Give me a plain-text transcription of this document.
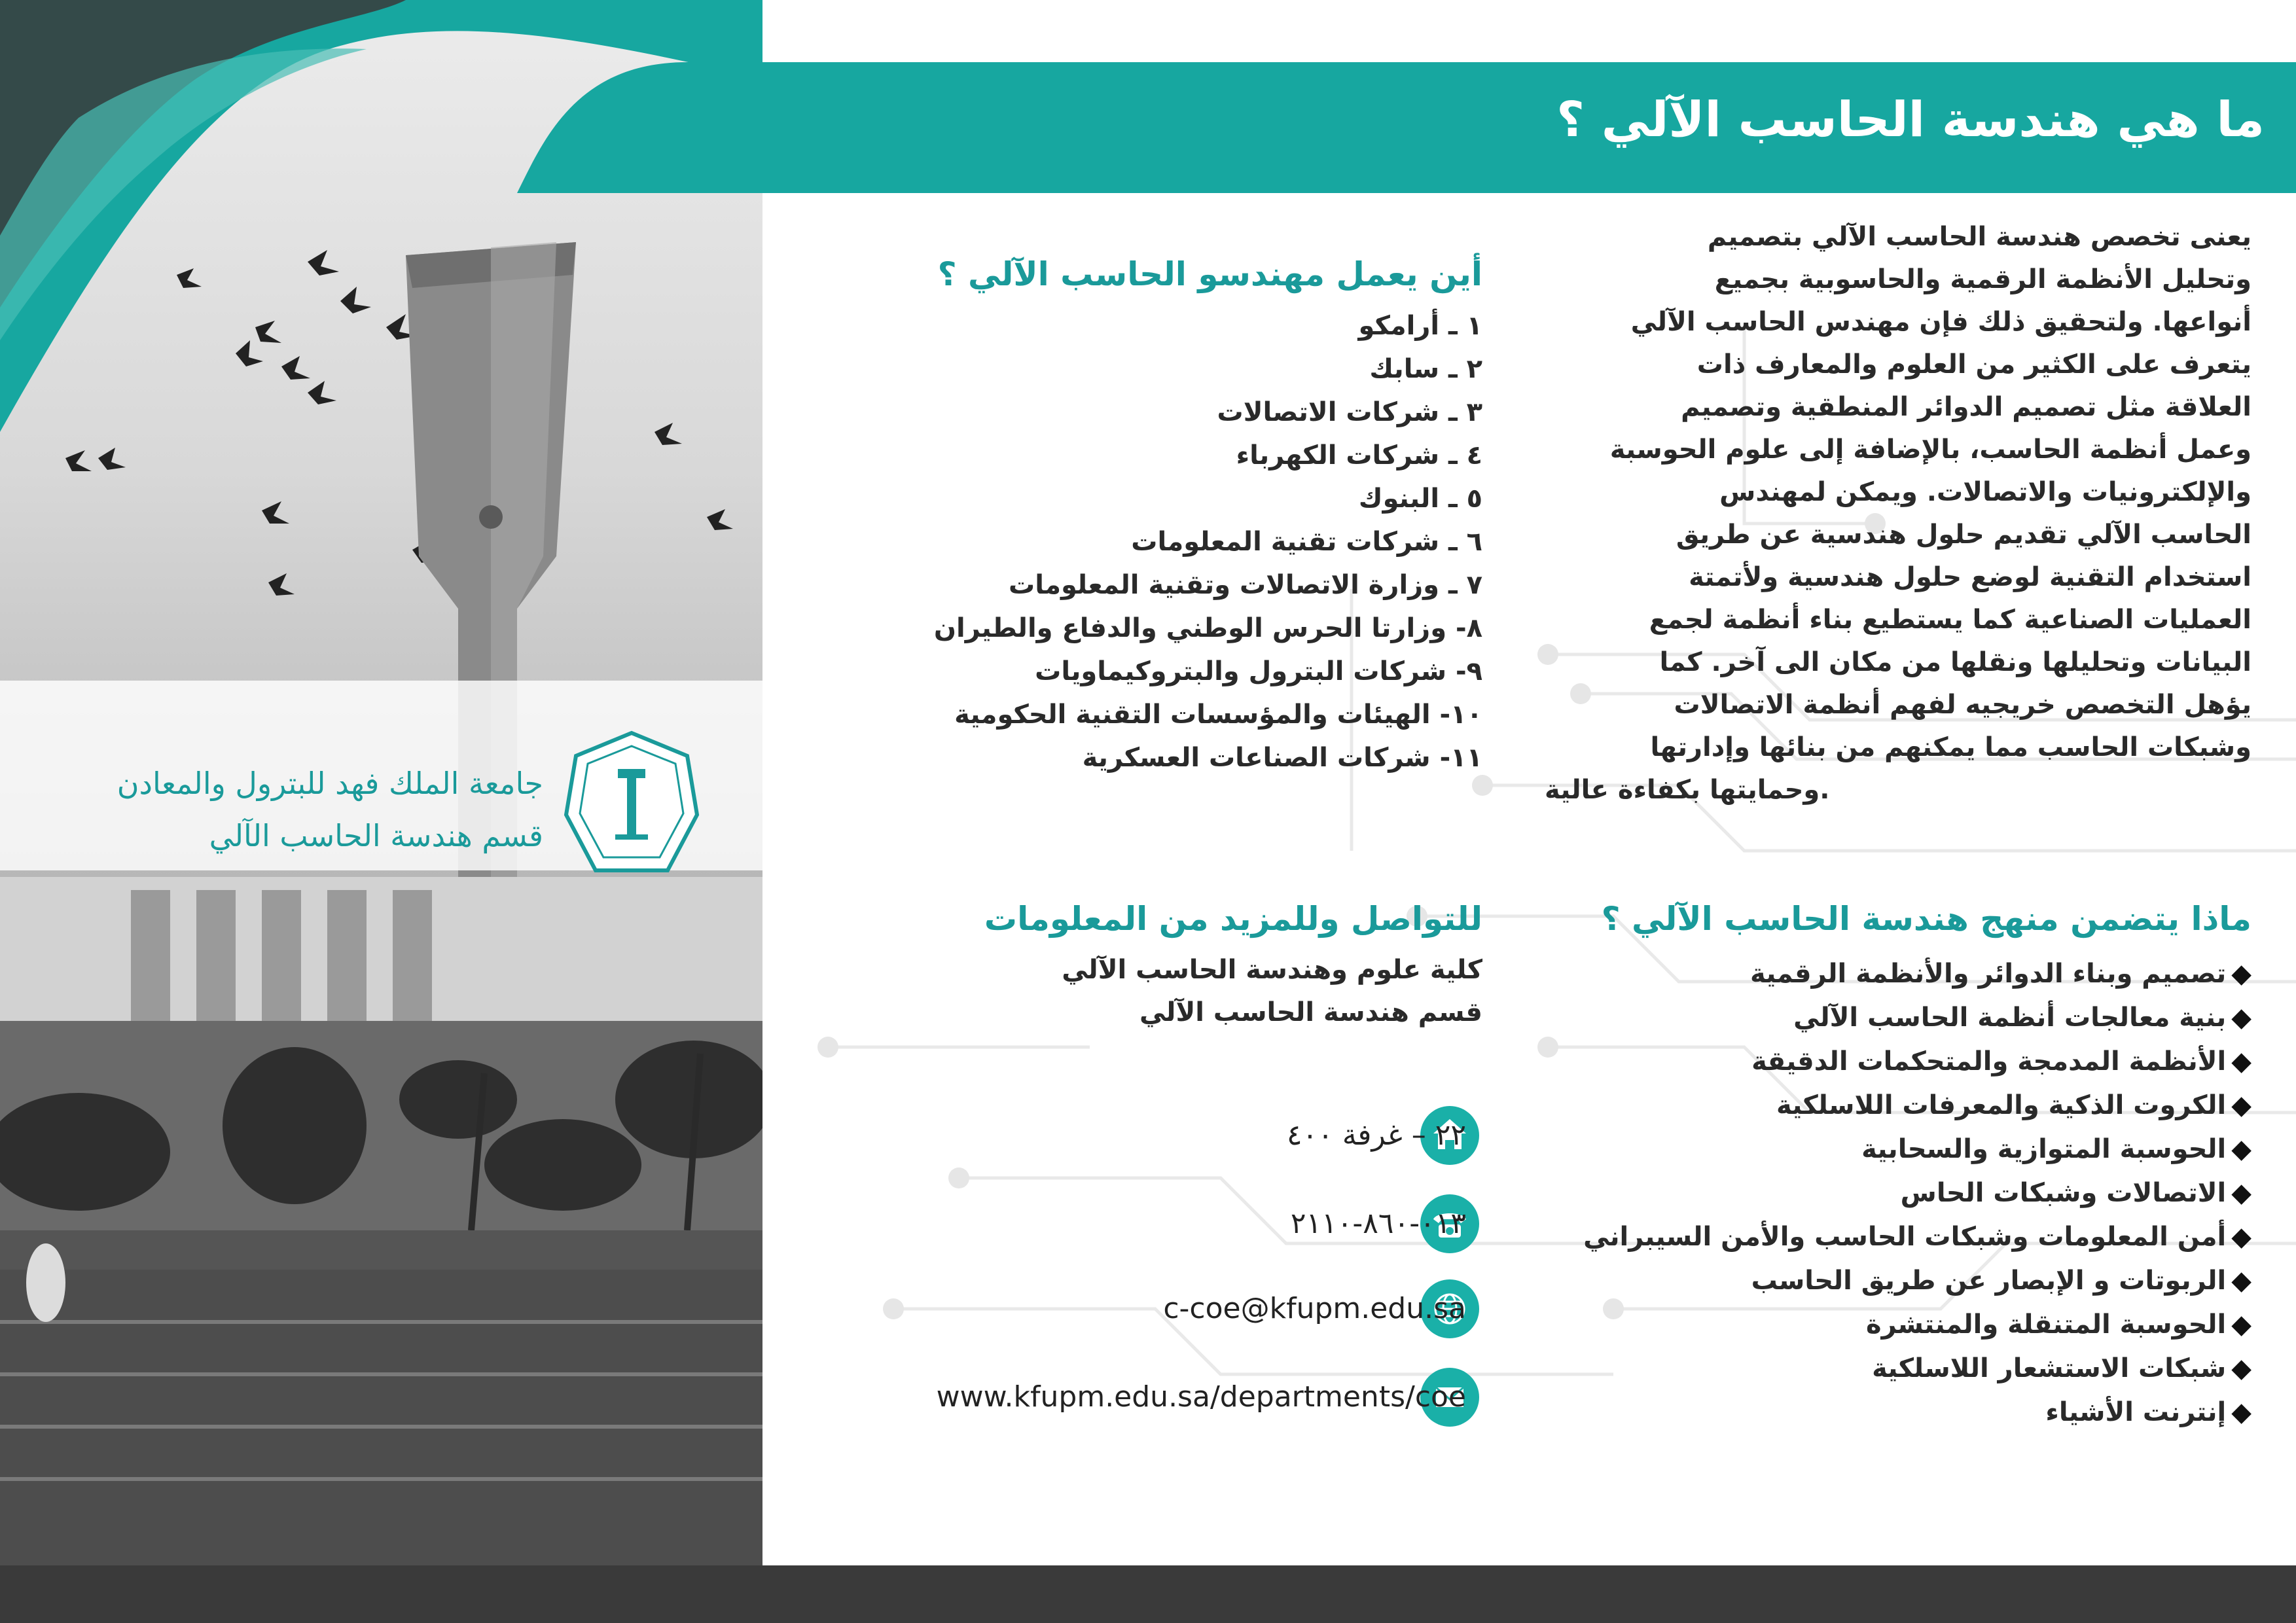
جامعة الملك فهد للبترول والمعادن
قسم هندسة الحاسب الآلي
ما هي هندسة الحاسب الآلي ؟
يعنى تخصص هندسة الحاسب الآلي بتصميم
وتحليل الأنظمة الرقمية والحاسوبية بجميع
أنواعها. ولتحقيق ذلك فإن مهندس الحاسب الآلي
يتعرف على الكثير من العلوم والمعارف ذات
العلاقة مثل تصميم الدوائر المنطقية وتصميم
وعمل أنظمة الحاسب، بالإضافة إلى علوم الحوسبة
والإلكترونيات والاتصالات. ويمكن لمهندس
الحاسب الآلي تقديم حلول هندسية عن طريق
استخدام التقنية لوضع حلول هندسية ولأتمتة
العمليات الصناعية كما يستطيع بناء أنظمة لجمع
البيانات وتحليلها ونقلها من مكان الى آخر. كما
يؤهل التخصص خريجيه لفهم أنظمة الاتصالات
وشبكات الحاسب مما يمكنهم من بنائها وإدارتها
.وحمايتها بكفاءة عالية
ماذا يتضمن منهج هندسة الحاسب الآلي ؟
◆تصميم وبناء الدوائر والأنظمة الرقمية
◆بنية معالجات أنظمة الحاسب الآلي
◆الأنظمة المدمجة والمتحكمات الدقيقة
◆الكروت الذكية والمعرفات اللاسلكية
◆الحوسبة المتوازية والسحابية
◆الاتصالات وشبكات الحاس
◆أمن المعلومات وشبكات الحاسب والأمن السيبراني
◆الربوتات و الإبصار عن طريق الحاسب
◆الحوسبة المتنقلة والمنتشرة
◆شبكات الاستشعار اللاسلكية
◆إنترنت الأشياء
أين يعمل مهندسو الحاسب الآلي ؟
١ ـ أرامكو
٢ ـ سابك
٣ ـ شركات الاتصالات
٤ ـ شركات الكهرباء
٥ ـ البنوك
٦ ـ شركات تقنية المعلومات
٧ ـ وزارة الاتصالات وتقنية المعلومات
٨- وزارتا الحرس الوطني والدفاع والطيران
٩- شركات البترول والبتروكيماويات
١٠- الهيئات والمؤسسات التقنية الحكومية
١١- شركات الصناعات العسكرية
للتواصل وللمزيد من المعلومات
كلية علوم وهندسة الحاسب الآلي
قسم هندسة الحاسب الآلي
٢٢ – غرفة ٤٠٠
٠١٣-٨٦٠-٢١١٠
c-coe@kfupm.edu.sa
www.kfupm.edu.sa/departments/coe
